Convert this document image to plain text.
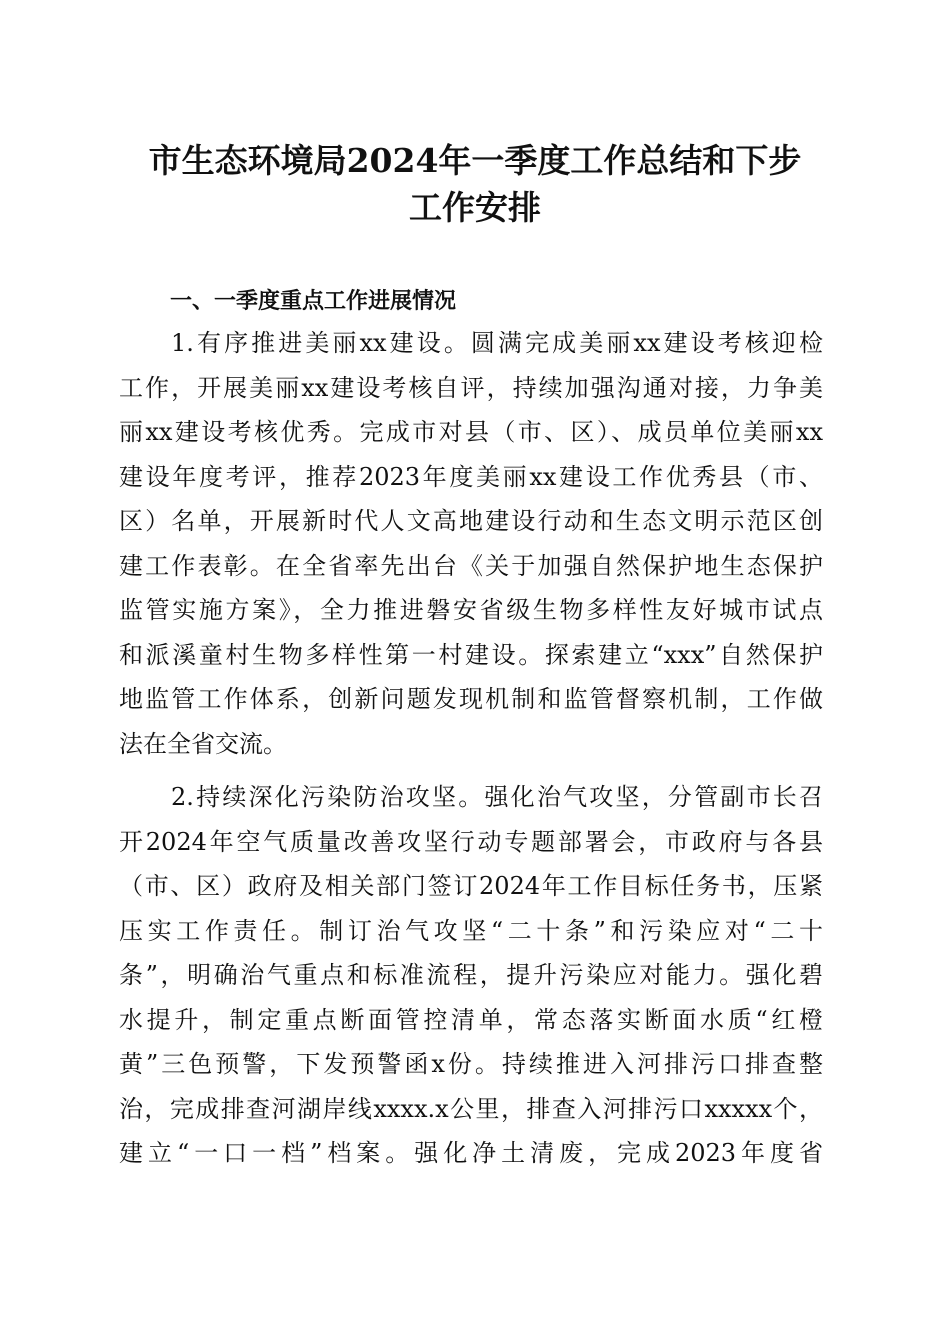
市生态环境局2024年一季度工作总结和下步
工作安排
一、一季度重点工作进展情况
1.有序推进美丽xx建设。圆满完成美丽xx建设考核迎检
工作，开展美丽xx建设考核自评，持续加强沟通对接，力争美
丽xx建设考核优秀。完成市对县（市、区）、成员单位美丽xx
建设年度考评，推荐2023年度美丽xx建设工作优秀县（市、
区）名单，开展新时代人文高地建设行动和生态文明示范区创
建工作表彰。在全省率先出台《关于加强自然保护地生态保护
监管实施方案》，全力推进磐安省级生物多样性友好城市试点
和派溪童村生物多样性第一村建设。探索建立“xxx”自然保护
地监管工作体系，创新问题发现机制和监管督察机制，工作做
法在全省交流。
2.持续深化污染防治攻坚。强化治气攻坚，分管副市长召
开2024年空气质量改善攻坚行动专题部署会，市政府与各县
（市、区）政府及相关部门签订2024年工作目标任务书，压紧
压实工作责任。制订治气攻坚“二十条”和污染应对“二十
条”，明确治气重点和标准流程，提升污染应对能力。强化碧
水提升，制定重点断面管控清单，常态落实断面水质“红橙
黄”三色预警，下发预警函x份。持续推进入河排污口排查整
治，完成排查河湖岸线xxxx.x公里，排查入河排污口xxxxx个，
建立“一口一档”档案。强化净土清废，完成2023年度省
